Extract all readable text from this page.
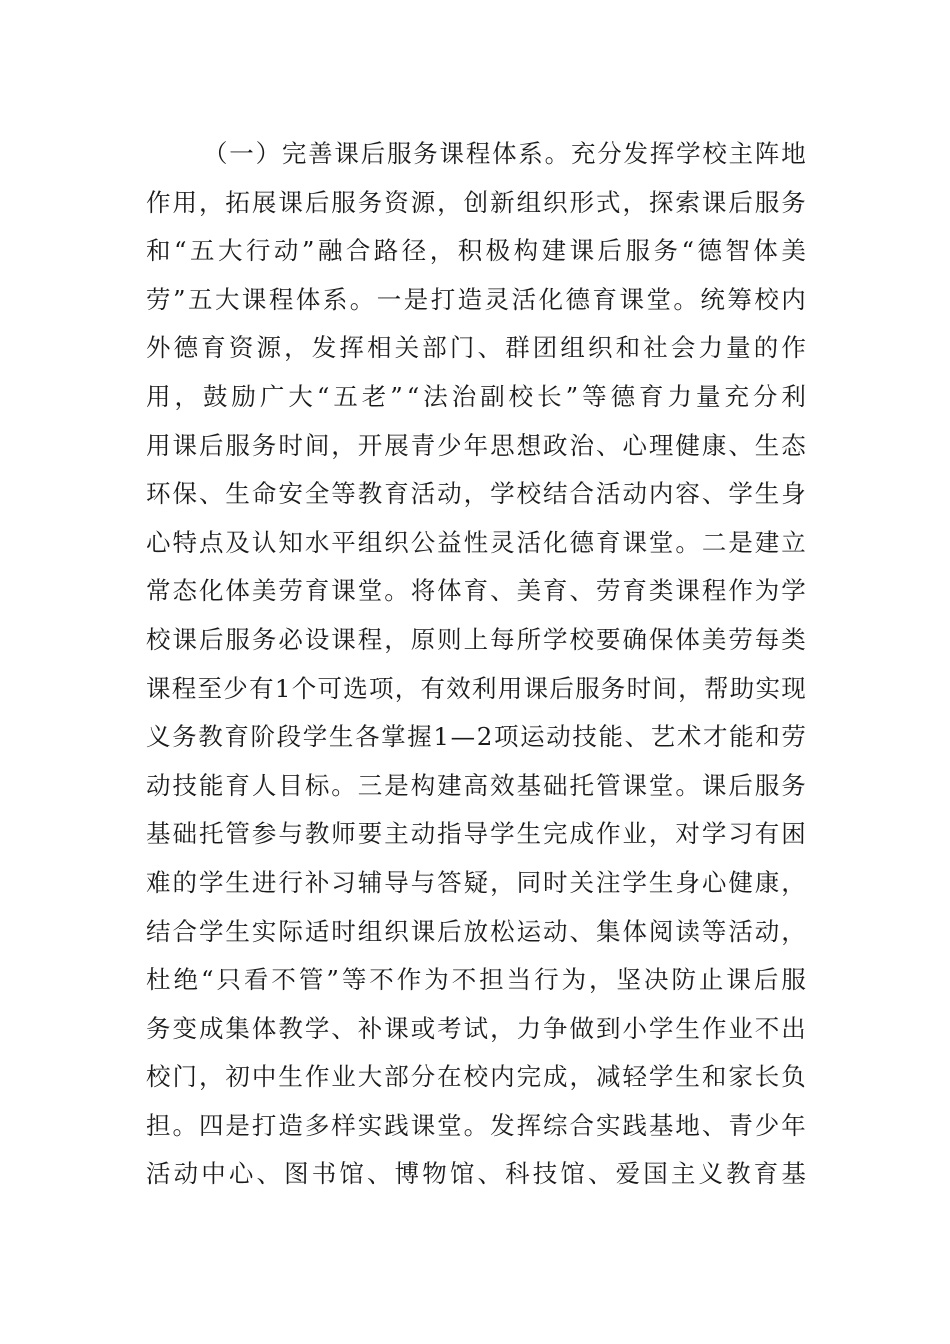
（ 一 ） 完 善 课 后 服 务 课 程 体 系 。 充 分 发 挥 学 校 主 阵 地
作 用 ， 拓 展 课 后 服 务 资 源 ， 创 新 组 织 形 式 ， 探 索 课 后 服 务
和 “ 五 大 行 动 ” 融 合 路 径 ， 积 极 构 建 课 后 服 务 “ 德 智 体 美
劳 ” 五 大 课 程 体 系 。 一 是 打 造 灵 活 化 德 育 课 堂 。 统 筹 校 内
外 德 育 资 源 ， 发 挥 相 关 部 门 、 群 团 组 织 和 社 会 力 量 的 作
用 ， 鼓 励 广 大 “ 五 老 ” “ 法 治 副 校 长 ” 等 德 育 力 量 充 分 利
用 课 后 服 务 时 间 ， 开 展 青 少 年 思 想 政 治 、 心 理 健 康 、 生 态
环 保 、 生 命 安 全 等 教 育 活 动 ， 学 校 结 合 活 动 内 容 、 学 生 身
心 特 点 及 认 知 水 平 组 织 公 益 性 灵 活 化 德 育 课 堂 。 二 是 建 立
常 态 化 体 美 劳 育 课 堂 。 将 体 育 、 美 育 、 劳 育 类 课 程 作 为 学
校 课 后 服 务 必 设 课 程 ， 原 则 上 每 所 学 校 要 确 保 体 美 劳 每 类
课 程 至 少 有 1 个 可 选 项 ， 有 效 利 用 课 后 服 务 时 间 ， 帮 助 实 现
义 务 教 育 阶 段 学 生 各 掌 握 1 — 2 项 运 动 技 能 、 艺 术 才 能 和 劳
动 技 能 育 人 目 标 。 三 是 构 建 高 效 基 础 托 管 课 堂 。 课 后 服 务
基 础 托 管 参 与 教 师 要 主 动 指 导 学 生 完 成 作 业 ， 对 学 习 有 困
难 的 学 生 进 行 补 习 辅 导 与 答 疑 ， 同 时 关 注 学 生 身 心 健 康 ，
结 合 学 生 实 际 适 时 组 织 课 后 放 松 运 动 、 集 体 阅 读 等 活 动 ，
杜 绝 “ 只 看 不 管 ” 等 不 作 为 不 担 当 行 为 ， 坚 决 防 止 课 后 服
务 变 成 集 体 教 学 、 补 课 或 考 试 ， 力 争 做 到 小 学 生 作 业 不 出
校 门 ， 初 中 生 作 业 大 部 分 在 校 内 完 成 ， 减 轻 学 生 和 家 长 负
担 。 四 是 打 造 多 样 实 践 课 堂 。 发 挥 综 合 实 践 基 地 、 青 少 年
活 动 中 心 、 图 书 馆 、 博 物 馆 、 科 技 馆 、 爱 国 主 义 教 育 基
